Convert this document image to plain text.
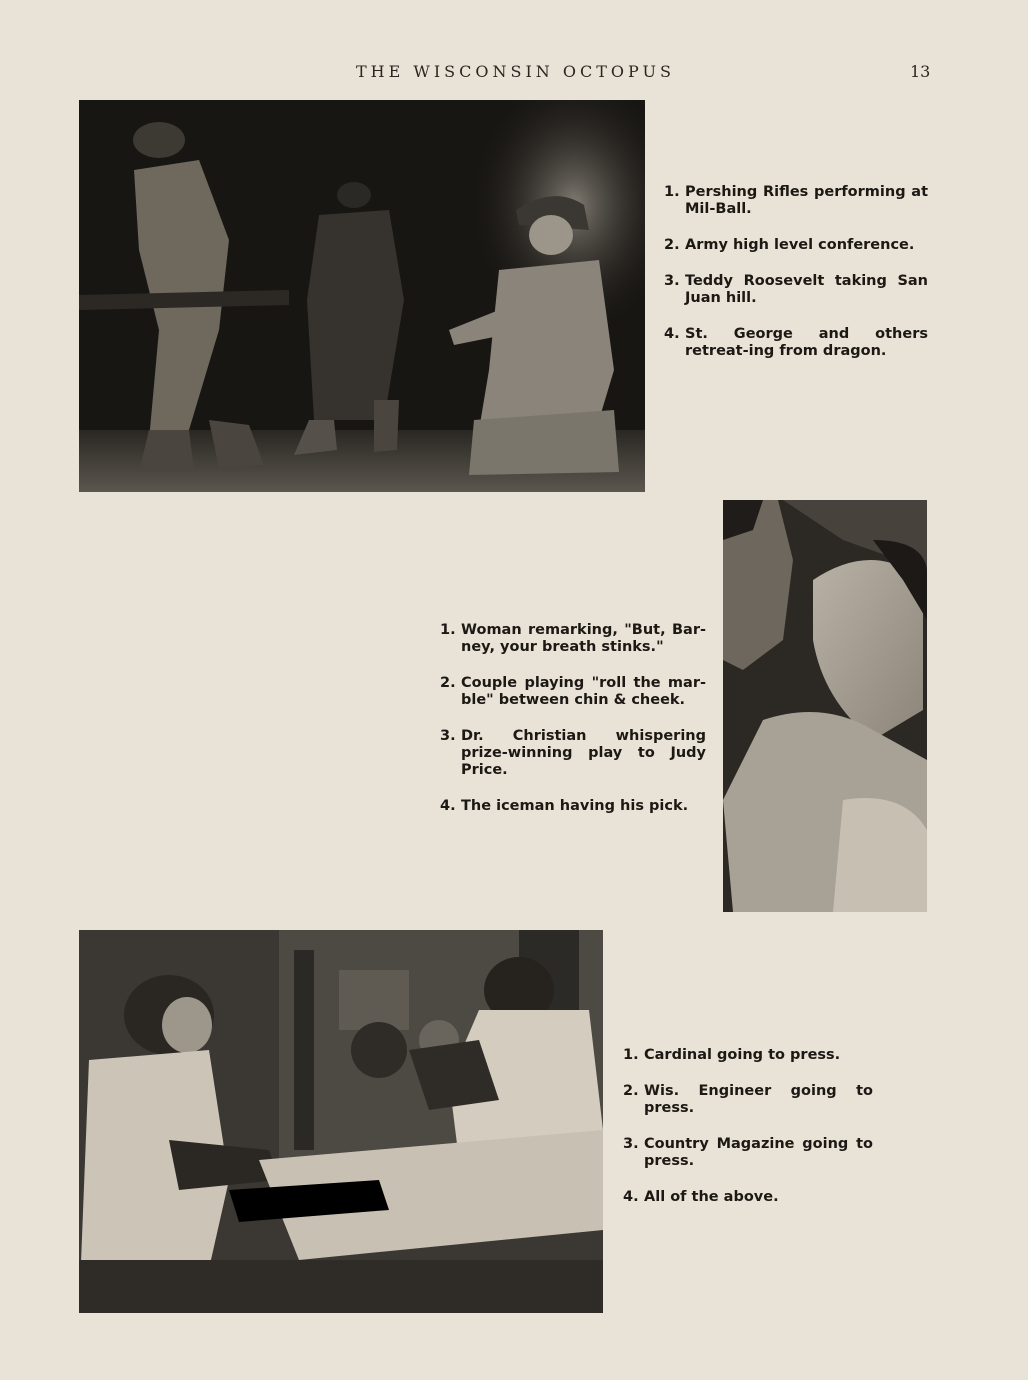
THE WISCONSIN OCTOPUS	13
1. Pershing Rifles performing at Mil-Ball.
2. Army high level conference.
3. Teddy Roosevelt taking San Juan hill.
4. St. George and others retreat-ing from dragon.
1. Woman remarking, "But, Bar-ney, your breath stinks."
2. Couple playing "roll the mar-ble" between chin & cheek.
3. Dr. Christian whispering prize-winning play to Judy Price.
4. The iceman having his pick.
1. Cardinal going to press.
2. Wis. Engineer going to press.
3. Country Magazine going to press.
4. All of the above.
